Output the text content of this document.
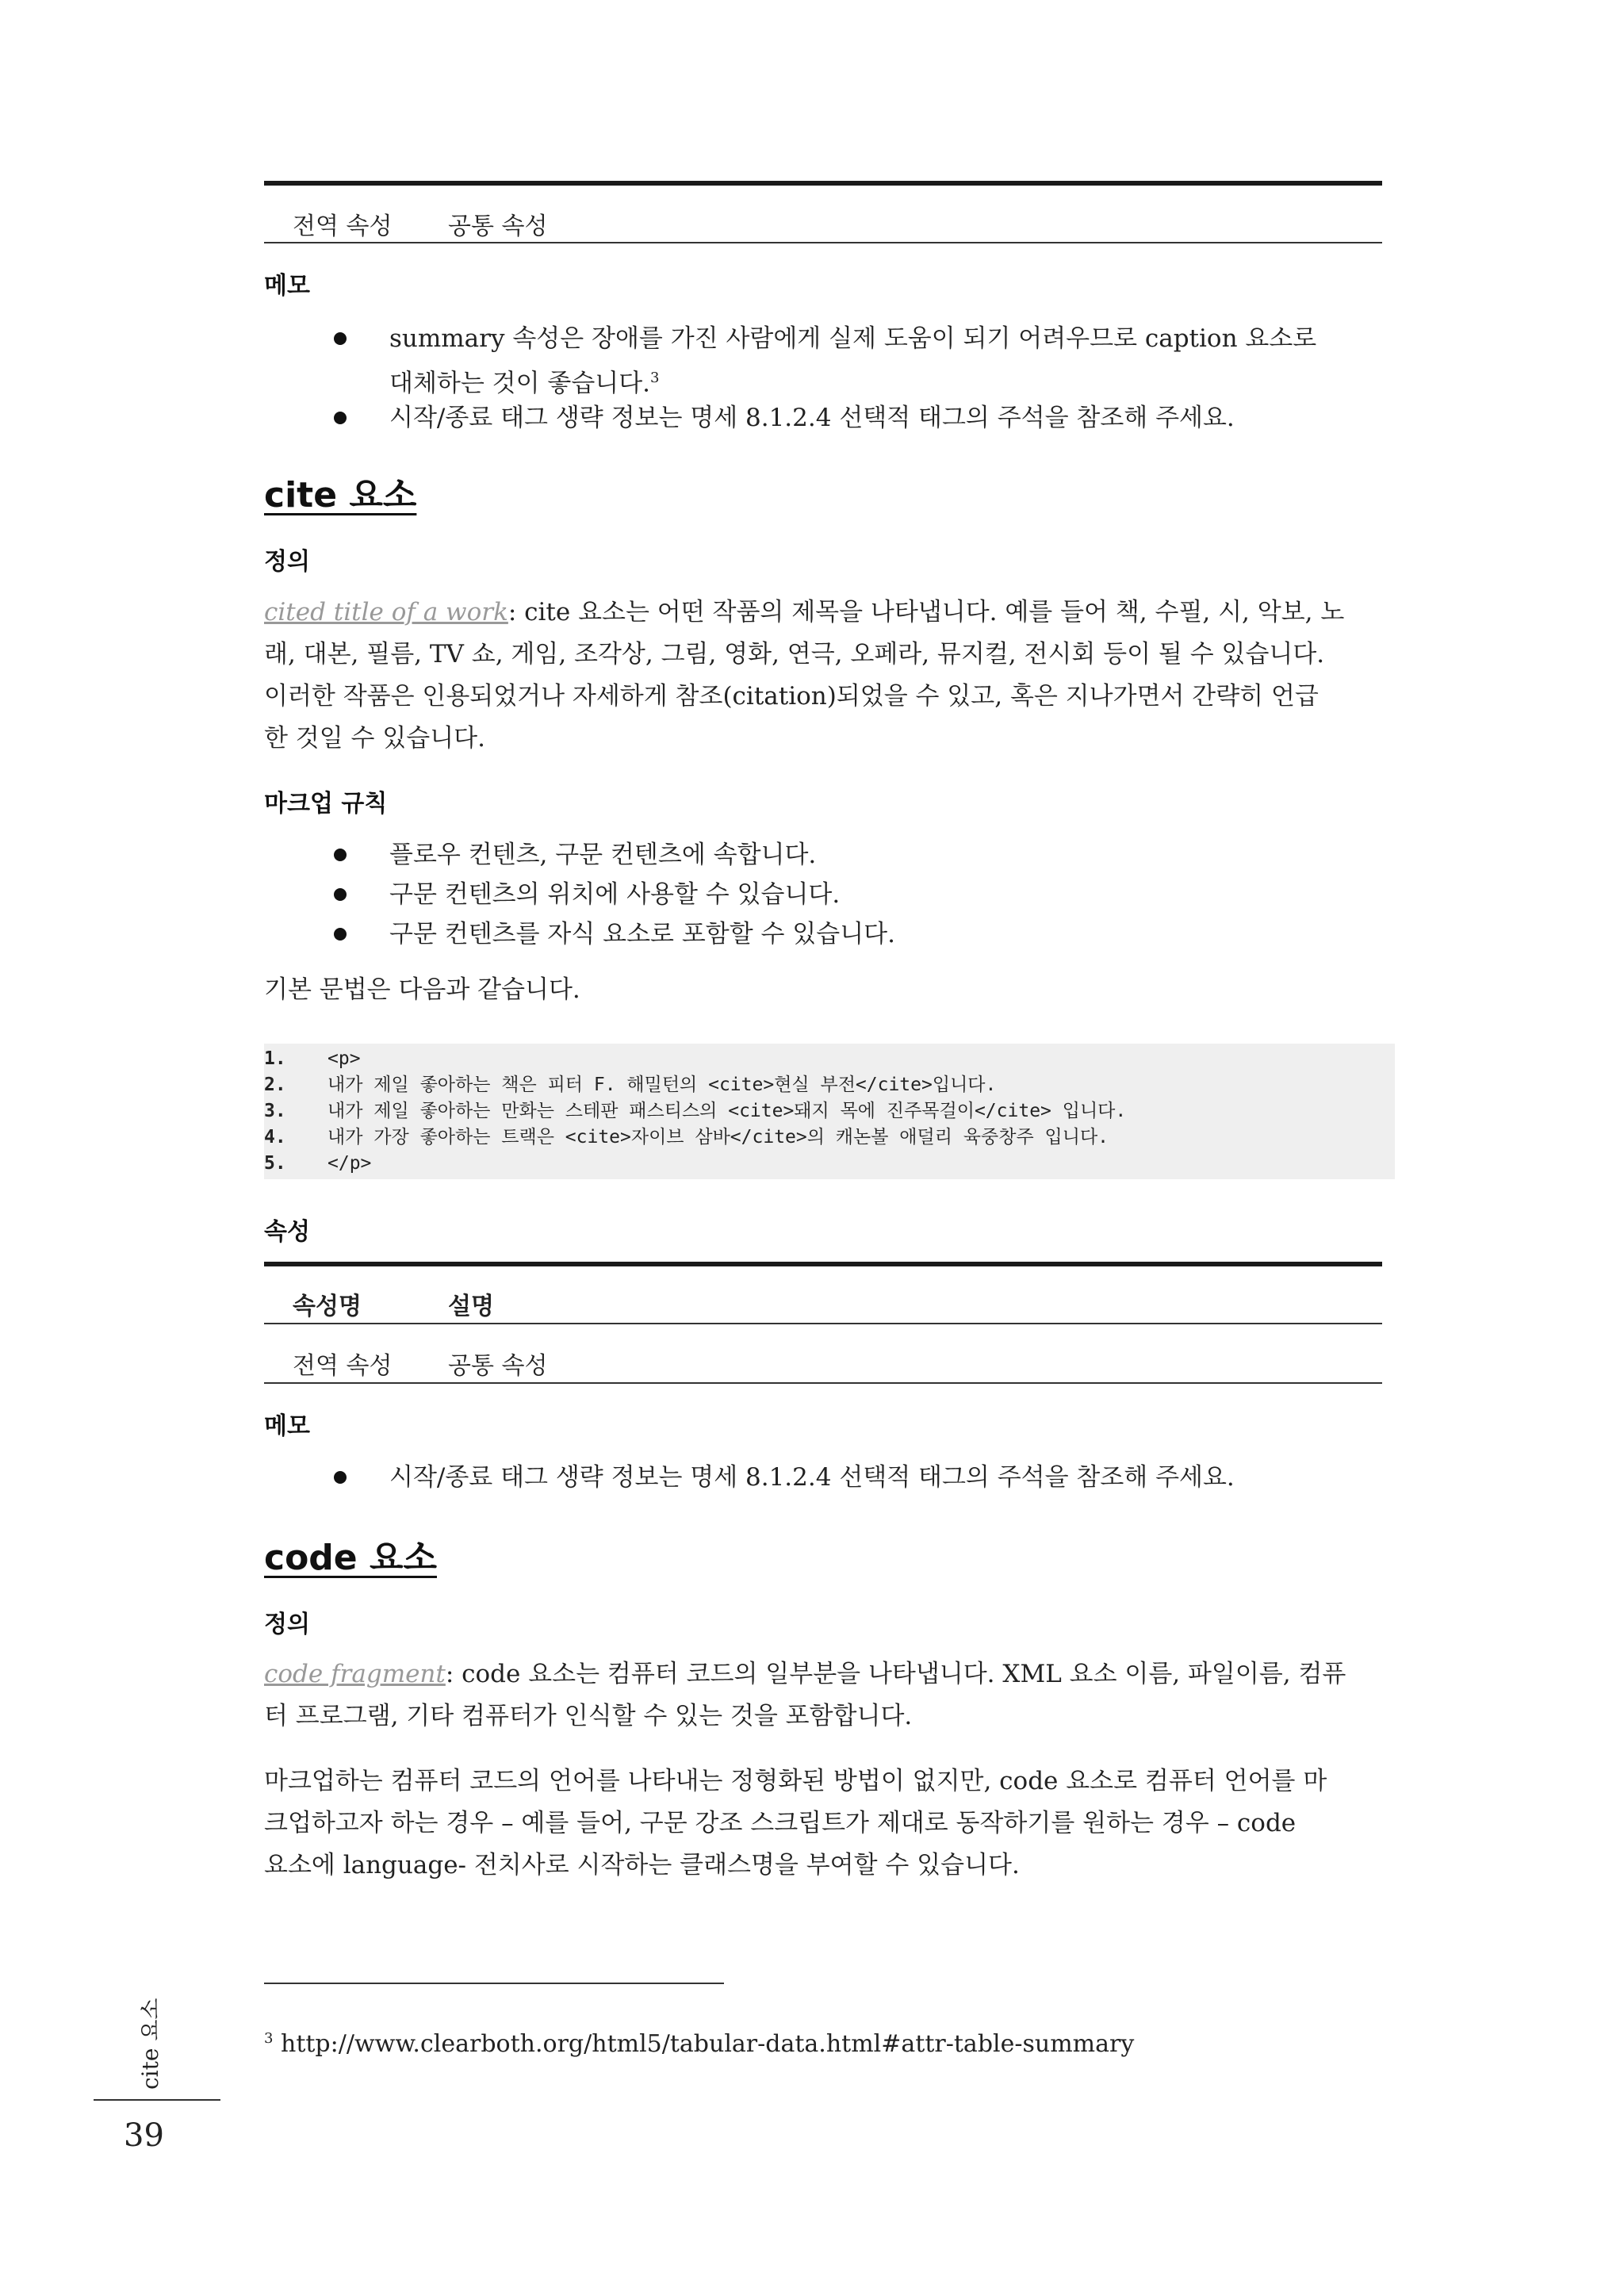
전역 속성 공통 속성
메모
summary 속성은 장애를 가진 사람에게 실제 도움이 되기 어려우므로 caption 요소로
대체하는 것이 좋습니다.$^3$
시작/종료 태그 생략 정보는 명세 8.1.2.4 선택적 태그의 주석을 참조해 주세요.
cite 요소
정의
cited title of a work: cite 요소는 어떤 작품의 제목을 나타냅니다. 예를 들어 책, 수필, 시, 악보, 노
래, 대본, 필름, TV 쇼, 게임, 조각상, 그림, 영화, 연극, 오페라, 뮤지컬, 전시회 등이 될 수 있습니다.
이러한 작품은 인용되었거나 자세하게 참조(citation)되었을 수 있고, 혹은 지나가면서 간략히 언급
한 것일 수 있습니다.
마크업 규칙
플로우 컨텐츠, 구문 컨텐츠에 속합니다.
구문 컨텐츠의 위치에 사용할 수 있습니다.
구문 컨텐츠를 자식 요소로 포함할 수 있습니다.
기본 문법은 다음과 같습니다.
1. <p>
2. 내가 제일 좋아하는 책은 피터 F. 해밀턴의 <cite>현실 부전</cite>입니다.
3. 내가 제일 좋아하는 만화는 스테판 패스티스의 <cite>돼지 목에 진주목걸이</cite> 입니다.
4. 내가 가장 좋아하는 트랙은 <cite>자이브 삼바</cite>의 캐논볼 애덜리 육중창주 입니다.
5. </p>
속성
속성명	설명
전역 속성 공통 속성
메모
시작/종료 태그 생략 정보는 명세 8.1.2.4 선택적 태그의 주석을 참조해 주세요.
code 요소
정의
code fragment: code 요소는 컴퓨터 코드의 일부분을 나타냅니다. XML 요소 이름, 파일이름, 컴퓨
터 프로그램, 기타 컴퓨터가 인식할 수 있는 것을 포함합니다.
마크업하는 컴퓨터 코드의 언어를 나타내는 정형화된 방법이 없지만, code 요소로 컴퓨터 언어를 마
크업하고자 하는 경우 – 예를 들어, 구문 강조 스크립트가 제대로 동작하기를 원하는 경우 – code
요소에 language- 전치사로 시작하는 클래스명을 부여할 수 있습니다.
$^3$ http://www.clearboth.org/html5/tabular-data.html#attr-table-summary
cite 요소
39
